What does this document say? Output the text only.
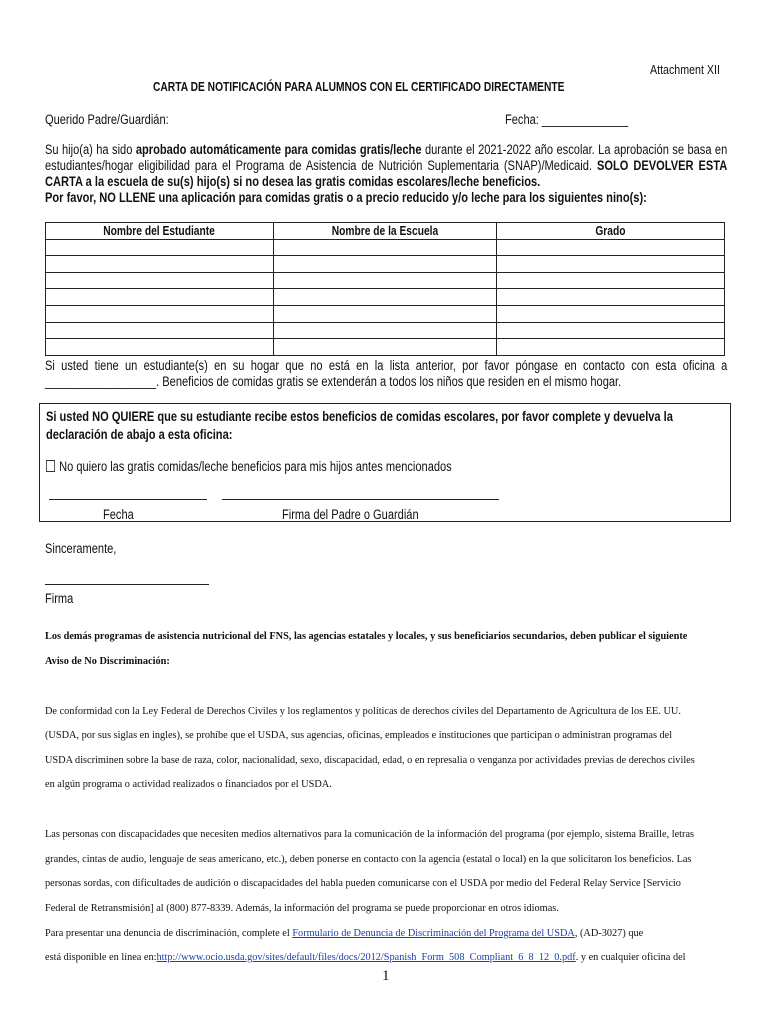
Attachment XII
CARTA DE NOTIFICACIÓN PARA ALUMNOS CON EL CERTIFICADO DIRECTAMENTE
Querido Padre/Guardián:	Fecha: ______________
Su hijo(a) ha sido aprobado automáticamente para comidas gratis/leche durante el 2021-2022 año escolar. La aprobación se basa en estudiantes/hogar eligibilidad para el Programa de Asistencia de Nutrición Suplementaria (SNAP)/Medicaid. SOLO DEVOLVER ESTA CARTA a la escuela de su(s) hijo(s) si no desea las gratis comidas escolares/leche beneficios.
Por favor, NO LLENE una aplicación para comidas gratis o a precio reducido y/o leche para los siguientes nino(s):
Nombre del Estudiante	Nombre de la Escuela	Grado

Si usted tiene un estudiante(s) en su hogar que no está en la lista anterior, por favor póngase en contacto con esta oficina a __________________. Beneficios de comidas gratis se extenderán a todos los niños que residen en el mismo hogar.
Si usted NO QUIERE que su estudiante recibe estos beneficios de comidas escolares, por favor complete y devuelva la declaración de abajo a esta oficina:
No quiero las gratis comidas/leche beneficios para mis hijos antes mencionados
Fecha	Firma del Padre o Guardián
Sinceramente,
Firma
Los demás programas de asistencia nutricional del FNS, las agencias estatales y locales, y sus beneficiarios secundarios, deben publicar el siguiente
Aviso de No Discriminación:
De conformidad con la Ley Federal de Derechos Civiles y los reglamentos y políticas de derechos civiles del Departamento de Agricultura de los EE. UU.
(USDA, por sus siglas en ingles), se prohíbe que el USDA, sus agencias, oficinas, empleados e instituciones que participan o administran programas del
USDA discriminen sobre la base de raza, color, nacionalidad, sexo, discapacidad, edad, o en represalia o venganza por actividades previas de derechos civiles
en algún programa o actividad realizados o financiados por el USDA.
Las personas con discapacidades que necesiten medios alternativos para la comunicación de la información del programa (por ejemplo, sistema Braille, letras
grandes, cintas de audio, lenguaje de seas americano, etc.), deben ponerse en contacto con la agencia (estatal o local) en la que solicitaron los beneficios. Las
personas sordas, con dificultades de audición o discapacidades del habla pueden comunicarse con el USDA por medio del Federal Relay Service [Servicio
Federal de Retransmisión] al (800) 877-8339. Además, la información del programa se puede proporcionar en otros idiomas.
Para presentar una denuncia de discriminación, complete el Formulario de Denuncia de Discriminación del Programa del USDA, (AD-3027) que
está disponible en línea en:http://www.ocio.usda.gov/sites/default/files/docs/2012/Spanish_Form_508_Compliant_6_8_12_0.pdf. y en cualquier oficina del
1
